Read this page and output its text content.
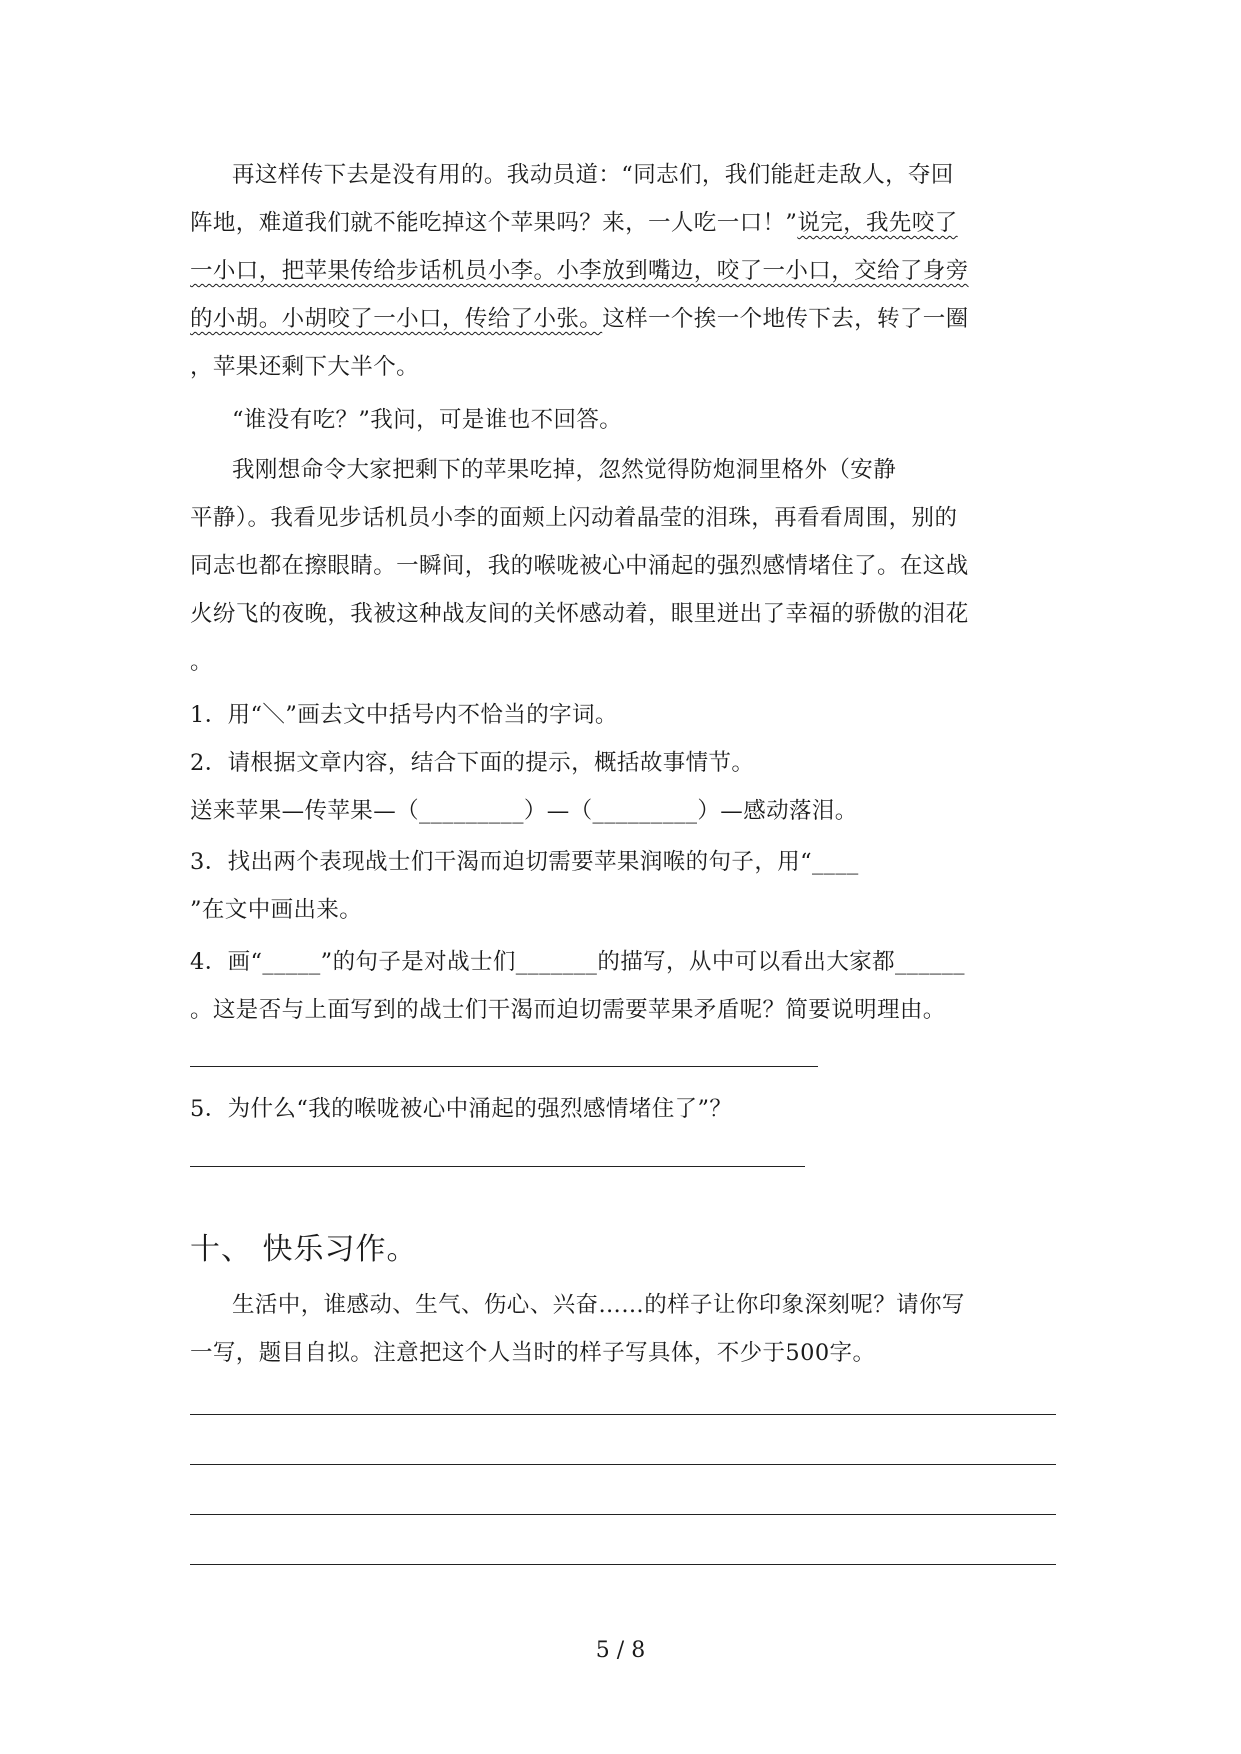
再这样传下去是没有用的。我动员道：“同志们，我们能赶走敌人，夺回
阵地，难道我们就不能吃掉这个苹果吗？来，一人吃一口！”说完，我先咬了
一小口，把苹果传给步话机员小李。小李放到嘴边，咬了一小口，交给了身旁
的小胡。小胡咬了一小口，传给了小张。这样一个挨一个地传下去，转了一圈
，苹果还剩下大半个。
“谁没有吃？”我问，可是谁也不回答。
我刚想命令大家把剩下的苹果吃掉，忽然觉得防炮洞里格外（安静
平静）。我看见步话机员小李的面颊上闪动着晶莹的泪珠，再看看周围，别的
同志也都在擦眼睛。一瞬间，我的喉咙被心中涌起的强烈感情堵住了。在这战
火纷飞的夜晚，我被这种战友间的关怀感动着，眼里迸出了幸福的骄傲的泪花
。
1．用“＼”画去文中括号内不恰当的字词。
2．请根据文章内容，结合下面的提示，概括故事情节。
送来苹果—传苹果—（_________）—（_________）—感动落泪。
3．找出两个表现战士们干渴而迫切需要苹果润喉的句子，用“____
”在文中画出来。
4．画“_____”的句子是对战士们_______的描写，从中可以看出大家都______
。这是否与上面写到的战士们干渴而迫切需要苹果矛盾呢？简要说明理由。
5．为什么“我的喉咙被心中涌起的强烈感情堵住了”？
十、 快乐习作。
生活中，谁感动、生气、伤心、兴奋……的样子让你印象深刻呢？请你写
一写，题目自拟。注意把这个人当时的样子写具体，不少于500字。
5 / 8
